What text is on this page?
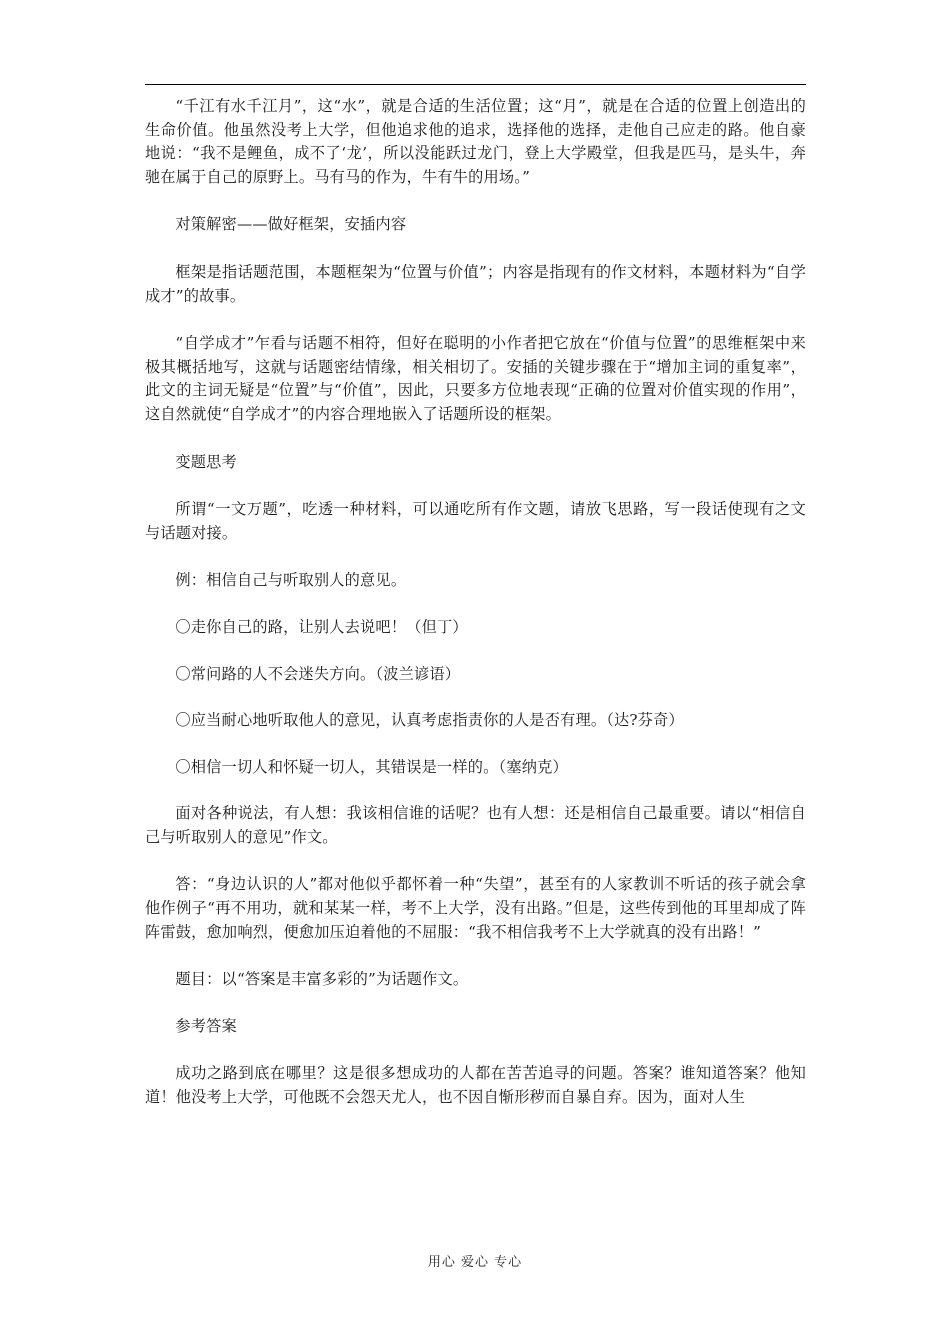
“千江有水千江月”，这“水”，就是合适的生活位置；这“月”，就是在合适的位置上创造出的生命价值。他虽然没考上大学，但他追求他的追求，选择他的选择，走他自己应走的路。他自豪地说：“我不是鲤鱼，成不了‘龙’，所以没能跃过龙门，登上大学殿堂，但我是匹马，是头牛，奔驰在属于自己的原野上。马有马的作为，牛有牛的用场。”

对策解密——做好框架，安插内容

框架是指话题范围，本题框架为“位置与价值”；内容是指现有的作文材料，本题材料为“自学成才”的故事。

“自学成才”乍看与话题不相符，但好在聪明的小作者把它放在“价值与位置”的思维框架中来极其概括地写，这就与话题密结情缘，相关相切了。安插的关键步骤在于“增加主词的重复率”，此文的主词无疑是“位置”与“价值”，因此，只要多方位地表现“正确的位置对价值实现的作用”，这自然就使“自学成才”的内容合理地嵌入了话题所设的框架。

变题思考

所谓“一文万题”，吃透一种材料，可以通吃所有作文题，请放飞思路，写一段话使现有之文与话题对接。

例：相信自己与听取别人的意见。

〇走你自己的路，让别人去说吧！（但丁）

〇常问路的人不会迷失方向。（波兰谚语）

〇应当耐心地听取他人的意见，认真考虑指责你的人是否有理。（达?芬奇）

〇相信一切人和怀疑一切人，其错误是一样的。（塞纳克）

面对各种说法，有人想：我该相信谁的话呢？也有人想：还是相信自己最重要。请以“相信自己与听取别人的意见”作文。

答：“身边认识的人”都对他似乎都怀着一种“失望”，甚至有的人家教训不听话的孩子就会拿他作例子“再不用功，就和某某一样，考不上大学，没有出路。”但是，这些传到他的耳里却成了阵阵雷鼓，愈加响烈，便愈加压迫着他的不屈服：“我不相信我考不上大学就真的没有出路！”

题目：以“答案是丰富多彩的”为话题作文。

参考答案

成功之路到底在哪里？这是很多想成功的人都在苦苦追寻的问题。答案？谁知道答案？他知道！他没考上大学，可他既不会怨天尤人，也不因自惭形秽而自暴自弃。因为，面对人生

用心 爱心 专心
